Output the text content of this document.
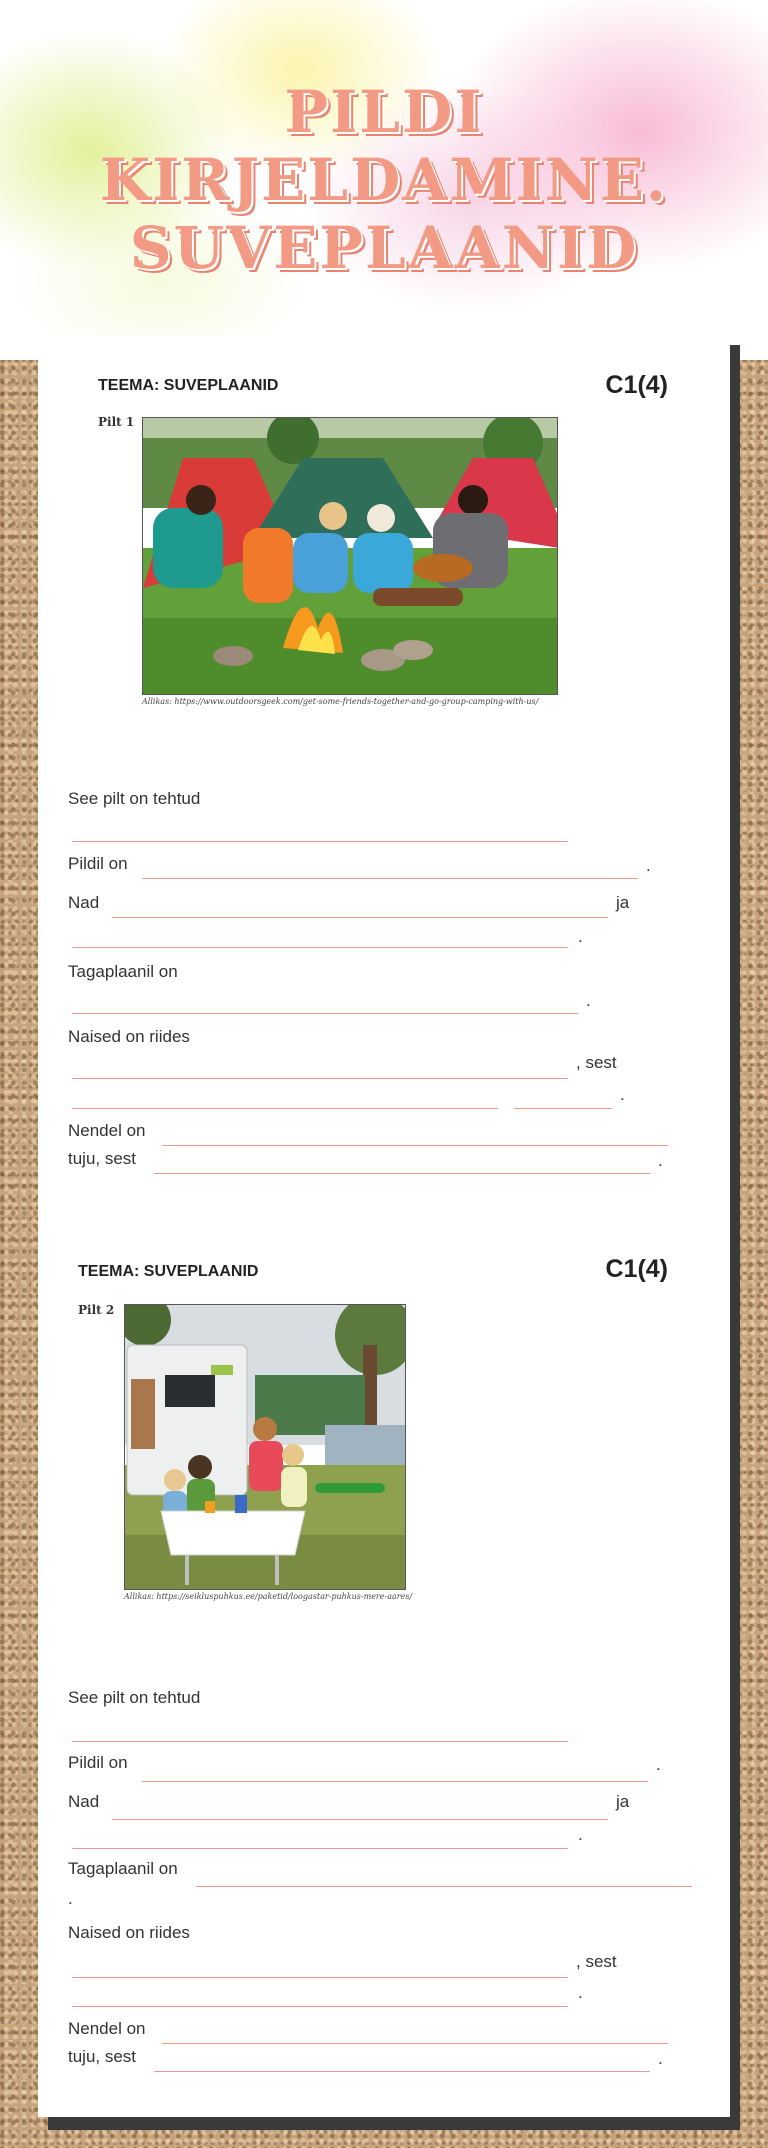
PILDI
KIRJELDAMINE.
SUVEPLAANID
TEEMA: SUVEPLAANID	C1(4)
Pilt 1
Allikas: https://www.outdoorsgeek.com/get-some-friends-together-and-go-group-camping-with-us/
See pilt on tehtud
Pildil on	.
Nad	ja
.
Tagaplaanil on
.
Naised on riides
, sest
.
Nendel on
tuju, sest	.
TEEMA: SUVEPLAANID	C1(4)
Pilt 2
Allikas: https://seikluspuhkus.ee/paketid/loogastar-puhkus-mere-aares/
See pilt on tehtud
Pildil on	.
Nad	ja
.
Tagaplaanil on
.
Naised on riides
, sest
.
Nendel on
tuju, sest	.
